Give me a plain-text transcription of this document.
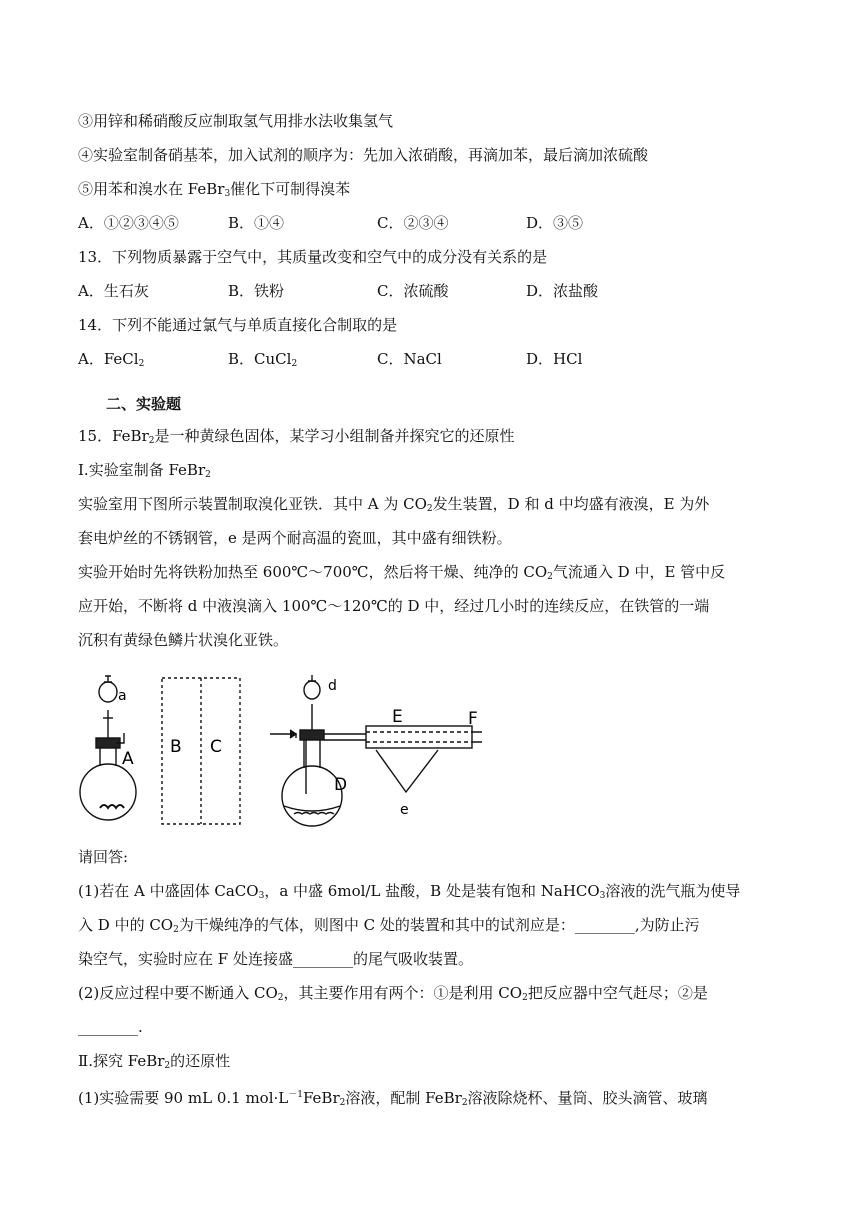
③用锌和稀硝酸反应制取氢气用排水法收集氢气
④实验室制备硝基苯，加入试剂的顺序为：先加入浓硝酸，再滴加苯，最后滴加浓硫酸
⑤用苯和溴水在 FeBr$_3$催化下可制得溴苯
A．①②③④⑤	B．①④	C．②③④	D．③⑤
13．下列物质暴露于空气中，其质量改变和空气中的成分没有关系的是
A．生石灰	B．铁粉	C．浓硫酸	D．浓盐酸
14．下列不能通过氯气与单质直接化合制取的是
A．FeCl$_2$	B．CuCl$_2$	C．NaCl	D．HCl
二、实验题
15．FeBr$_2$是一种黄绿色固体，某学习小组制备并探究它的还原性
Ⅰ.实验室制备 FeBr$_2$
实验室用下图所示装置制取溴化亚铁．其中 A 为 $CO_2$发生装置，D 和 d 中均盛有液溴，E 为外
套电炉丝的不锈钢管，e 是两个耐高温的瓷皿，其中盛有细铁粉。
实验开始时先将铁粉加热至 600℃～700℃，然后将干燥、纯净的 $CO_2$气流通入 D 中，E 管中反
应开始，不断将 d 中液溴滴入 100℃～120℃的 D 中，经过几小时的连续反应，在铁管的一端
沉积有黄绿色鳞片状溴化亚铁。
a
A
B C
d
E	F
D
e
请回答:
(1)若在 A 中盛固体 CaCO$_3$，a 中盛 6mol/L 盐酸，B 处是装有饱和 NaHCO$_3$溶液的洗气瓶为使导
入 D 中的 $CO_2$为干燥纯净的气体，则图中 C 处的装置和其中的试剂应是：________,为防止污
染空气，实验时应在 F 处连接盛________的尾气吸收装置。
(2)反应过程中要不断通入 $CO_2$，其主要作用有两个：①是利用 $CO_2$把反应器中空气赶尽；②是
________.
Ⅱ.探究 FeBr$_2$的还原性
(1)实验需要 90 mL 0.1 $mol\cdot L^{-1}FeBr_2$溶液，配制 FeBr$_2$溶液除烧杯、量筒、胶头滴管、玻璃
